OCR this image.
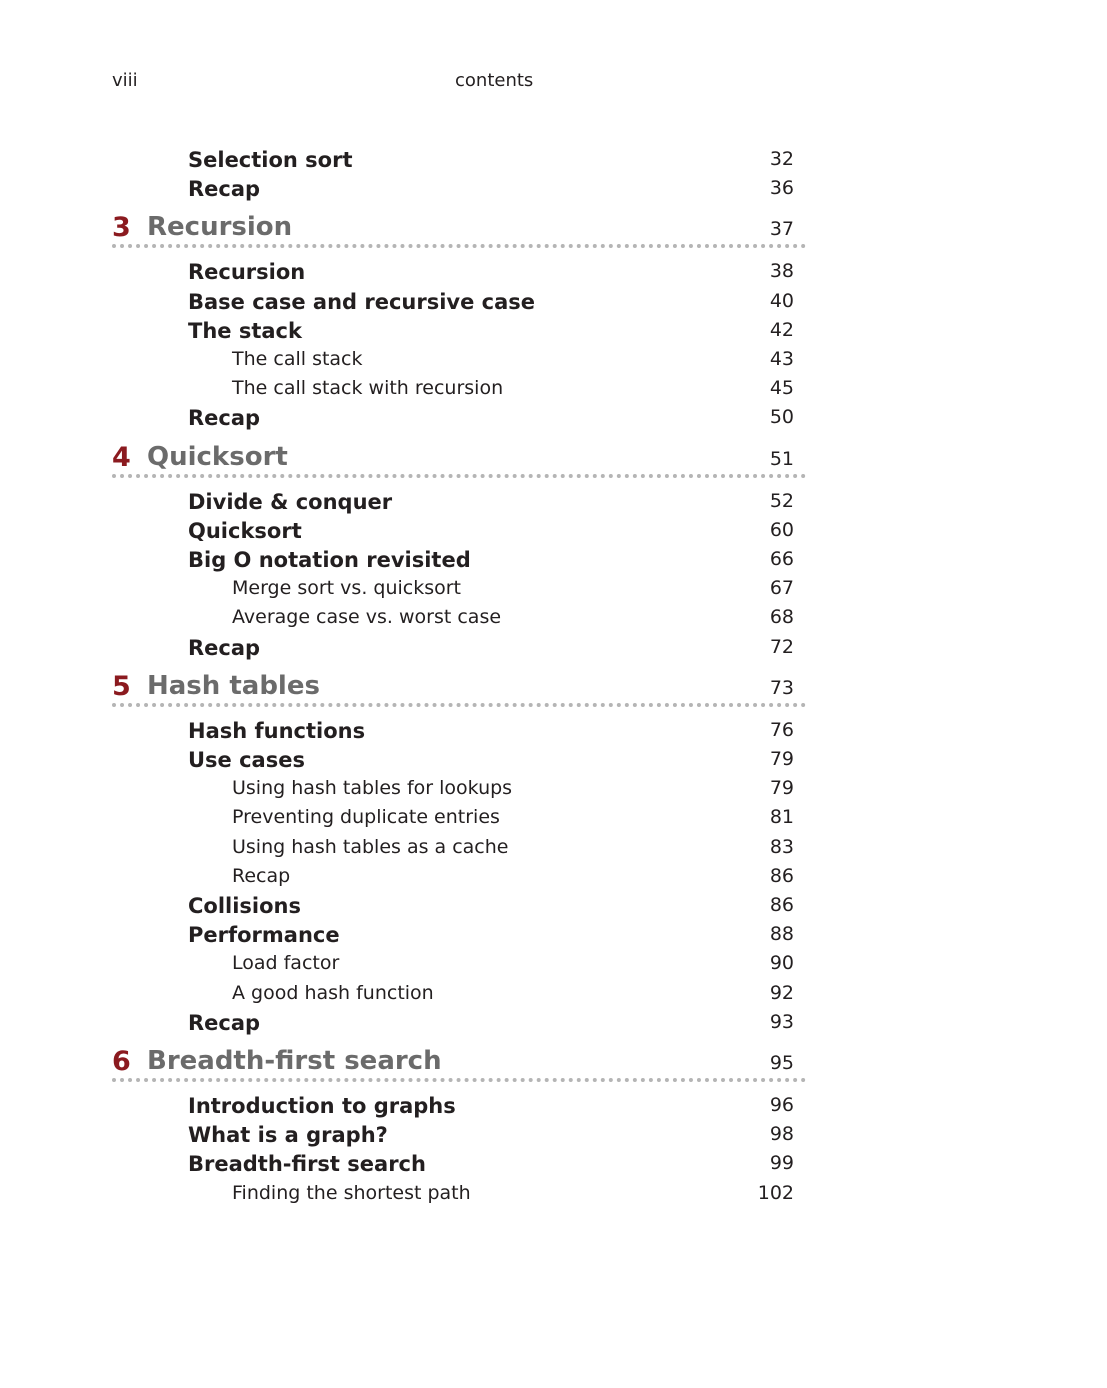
viii	contents
Selection sort	32
Recap	36
3 Recursion	37
Recursion	38
Base case and recursive case	40
The stack	42
The call stack	43
The call stack with recursion	45
Recap	50
4 Quicksort	51
Divide & conquer	52
Quicksort	60
Big O notation revisited	66
Merge sort vs. quicksort	67
Average case vs. worst case	68
Recap	72
5 Hash tables	73
Hash functions	76
Use cases	79
Using hash tables for lookups	79
Preventing duplicate entries	81
Using hash tables as a cache	83
Recap	86
Collisions	86
Performance	88
Load factor	90
A good hash function	92
Recap	93
6 Breadth-first search	95
Introduction to graphs	96
What is a graph?	98
Breadth-first search	99
Finding the shortest path	102
